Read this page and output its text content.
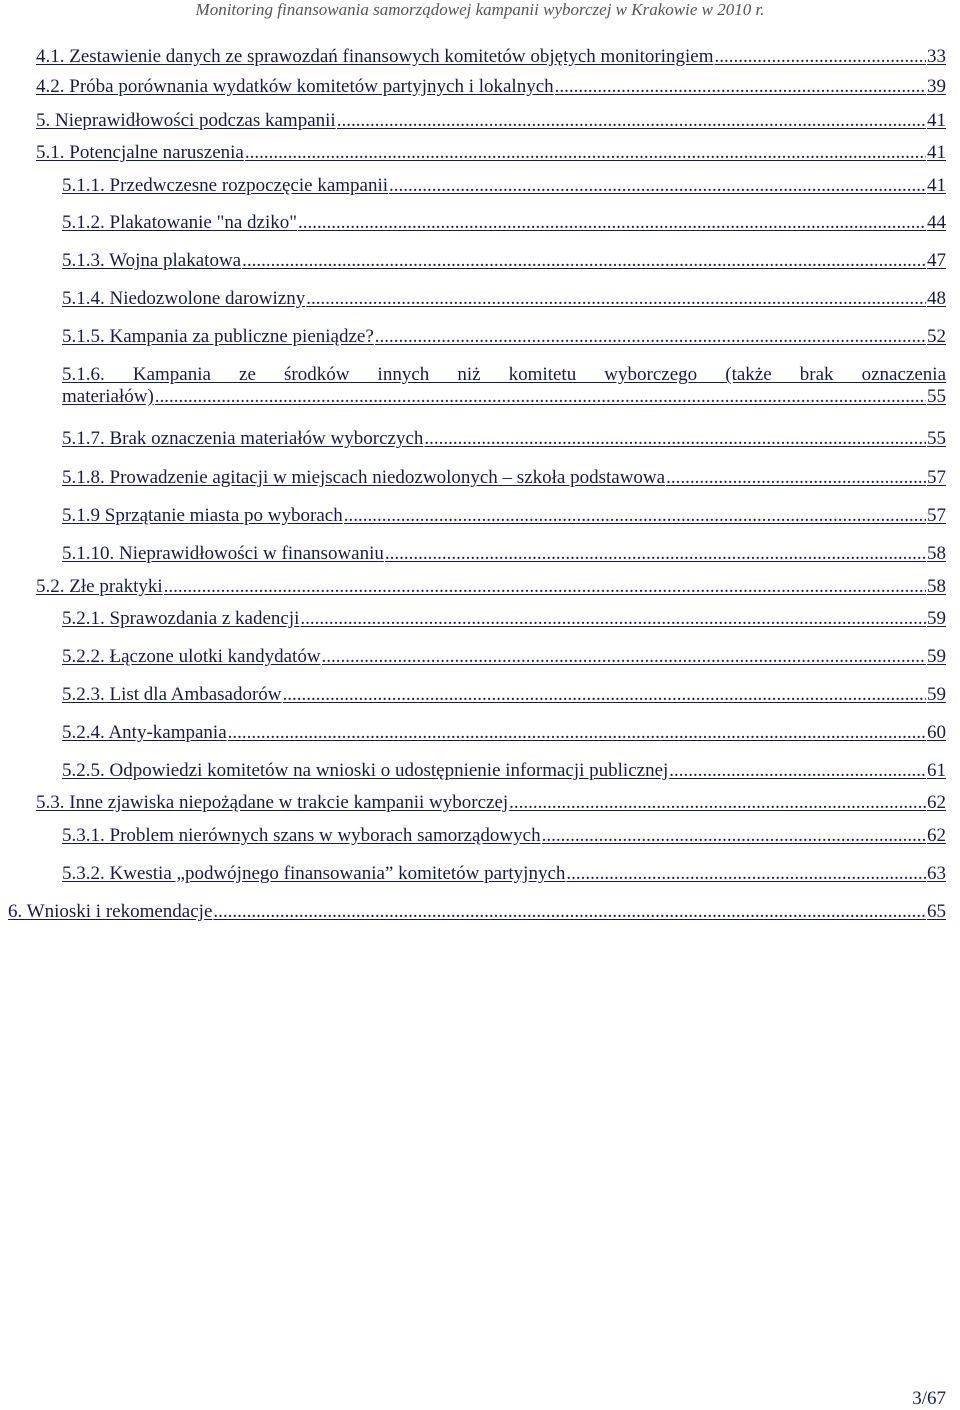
Monitoring finansowania samorządowej kampanii wyborczej w Krakowie w 2010 r.
4.1. Zestawienie danych ze sprawozdań finansowych komitetów objętych monitoringiem .....	33
4.2. Próba porównania wydatków komitetów partyjnych i lokalnych .....	39
5. Nieprawidłowości podczas kampanii .....	41
5.1. Potencjalne naruszenia .....	41
5.1.1. Przedwczesne rozpoczęcie kampanii .....	41
5.1.2. Plakatowanie "na dziko" .....	44
5.1.3. Wojna plakatowa .....	47
5.1.4. Niedozwolone darowizny .....	48
5.1.5. Kampania za publiczne pieniądze? .....	52
5.1.6. Kampania ze środków innych niż komitetu wyborczego (także brak oznaczenia
materiałów) .....	55
5.1.7. Brak oznaczenia materiałów wyborczych .....	55
5.1.8. Prowadzenie agitacji w miejscach niedozwolonych – szkoła podstawowa .....	57
5.1.9 Sprzątanie miasta po wyborach .....	57
5.1.10. Nieprawidłowości w finansowaniu .....	58
5.2. Złe praktyki .....	58
5.2.1. Sprawozdania z kadencji .....	59
5.2.2. Łączone ulotki kandydatów .....	59
5.2.3. List dla Ambasadorów .....	59
5.2.4. Anty-kampania .....	60
5.2.5. Odpowiedzi komitetów na wnioski o udostępnienie informacji publicznej .....	61
5.3. Inne zjawiska niepożądane w trakcie kampanii wyborczej .....	62
5.3.1. Problem nierównych szans w wyborach samorządowych .....	62
5.3.2. Kwestia „podwójnego finansowania” komitetów partyjnych .....	63
6. Wnioski i rekomendacje .....	65
3/67
